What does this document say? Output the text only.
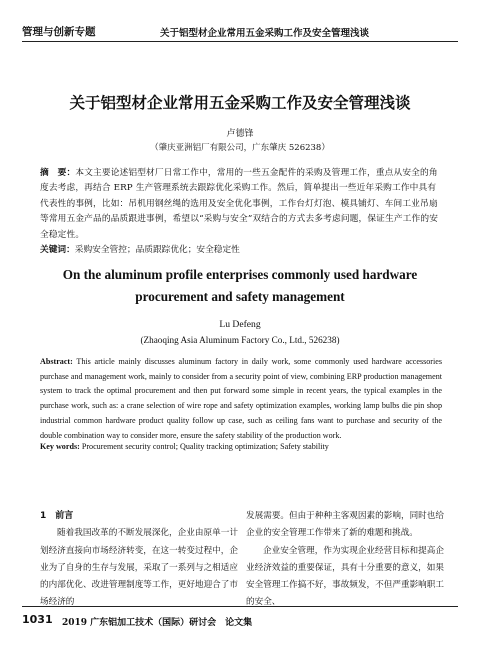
管理与创新专题	关于铝型材企业常用五金采购工作及安全管理浅谈
关于铝型材企业常用五金采购工作及安全管理浅谈
卢德锋
（肇庆亚洲铝厂有限公司，广东肇庆 526238）
摘　要：本文主要论述铝型材厂日常工作中，常用的一些五金配件的采购及管理工作，重点从安全的角度去考虑，再结合 ERP 生产管理系统去跟踪优化采购工作。然后，简单提出一些近年采购工作中具有代表性的事例，比如：吊机用钢丝绳的选用及安全优化事例，工作台灯灯泡、模具铺灯、车间工业吊扇等常用五金产品的品质跟进事例，希望以“采购与安全”双结合的方式去多考虑问题，保证生产工作的安全稳定性。
关键词：采购安全管控；品质跟踪优化；安全稳定性
On the aluminum profile enterprises commonly used hardware
procurement and safety management
Lu Defeng
(Zhaoqing Asia Aluminum Factory Co., Ltd., 526238)
Abstract: This article mainly discusses aluminum factory in daily work, some commonly used hardware accessories purchase and management work, mainly to consider from a security point of view, combining ERP production management system to track the optimal procurement and then put forward some simple in recent years, the typical examples in the purchase work, such as: a crane selection of wire rope and safety optimization examples, working lamp bulbs die pin shop industrial common hardware product quality follow up case, such as ceiling fans want to purchase and security of the double combination way to consider more, ensure the safety stability of the production work.
Key words: Procurement security control; Quality tracking optimization; Safety stability
1　前言
随着我国改革的不断发展深化，企业由原单一计划经济直接向市场经济转变，在这一转变过程中，企业为了自身的生存与发展，采取了一系列与之相适应的内部优化、改进管理制度等工作，更好地迎合了市场经济的
发展需要。但由于种种主客观因素的影响，同时也给企业的安全管理工作带来了新的难题和挑战。
企业安全管理，作为实现企业经营目标和提高企业经济效益的重要保证，具有十分重要的意义，如果安全管理工作搞不好，事故频发，不但严重影响职工的安全、
1031 2019 广东铝加工技术（国际）研讨会　论文集
